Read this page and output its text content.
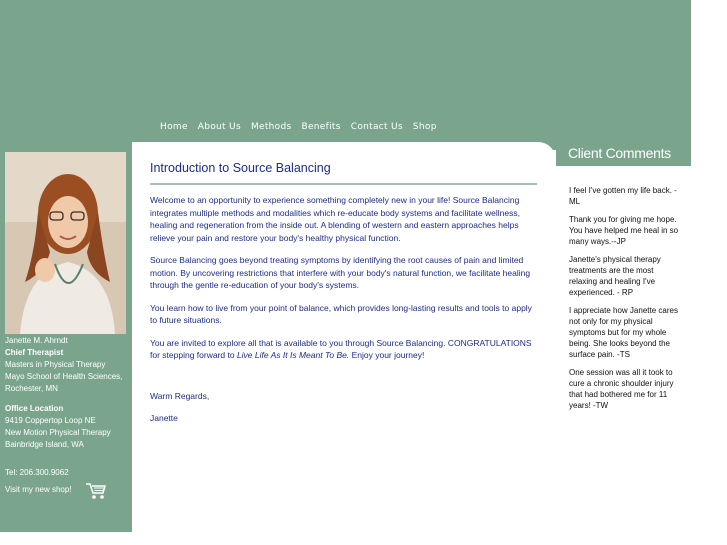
Home About Us Methods Benefits Contact Us Shop
Janette M. Ahrndt
Chief Therapist
Masters in Physical Therapy
Mayo School of Health Sciences,
Rochester, MN
Office Location
9419 Coppertop Loop NE
New Motion Physical Therapy
Bainbridge Island, WA
Tel: 206.300.9062
Visit my new shop!
Introduction to Source Balancing

Welcome to an opportunity to experience something completely new in your life! Source Balancing integrates multiple methods and modalities which re-educate body systems and facilitate wellness, healing and regeneration from the inside out. A blending of western and eastern approaches helps relieve your pain and restore your body's healthy physical function.

Source Balancing goes beyond treating symptoms by identifying the root causes of pain and limited motion. By uncovering restrictions that interfere with your body's natural function, we facilitate healing through the gentle re-education of your body's systems.

You learn how to live from your point of balance, which provides long-lasting results and tools to apply to future situations.

You are invited to explore all that is available to you through Source Balancing. CONGRATULATIONS for stepping forward to Live Life As It Is Meant To Be. Enjoy your journey!

Warm Regards,

Janette

Client Comments

I feel I've gotten my life back. - ML

Thank you for giving me hope. You have helped me heal in so many ways.--JP

Janette's physical therapy treatments are the most relaxing and healing I've experienced. - RP

I appreciate how Janette cares not only for my physical symptoms but for my whole being. She looks beyond the surface pain. -TS

One session was all it took to cure a chronic shoulder injury that had bothered me for 11 years! -TW
